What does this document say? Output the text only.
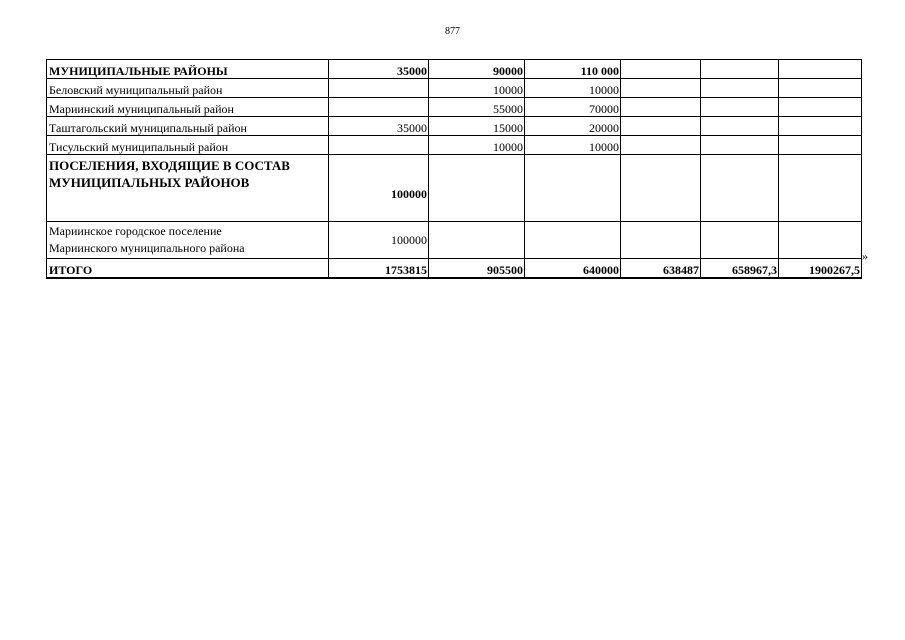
877
МУНИЦИПАЛЬНЫЕ РАЙОНЫ	35000	90000	110 000			
Беловский муниципальный район		10000	10000			
Мариинский муниципальный район		55000	70000			
Таштагольский муниципальный район	35000	15000	20000			
Тисульский муниципальный район		10000	10000			

ПОСЕЛЕНИЯ, ВХОДЯЩИЕ В СОСТАВ
МУНИЦИПАЛЬНЫХ РАЙОНОВ	100000					

Мариинское городское поселение
Мариинского муниципального района	100000					
ИТОГО	1753815	905500	640000	638487	658967,3	1900267,5
»
